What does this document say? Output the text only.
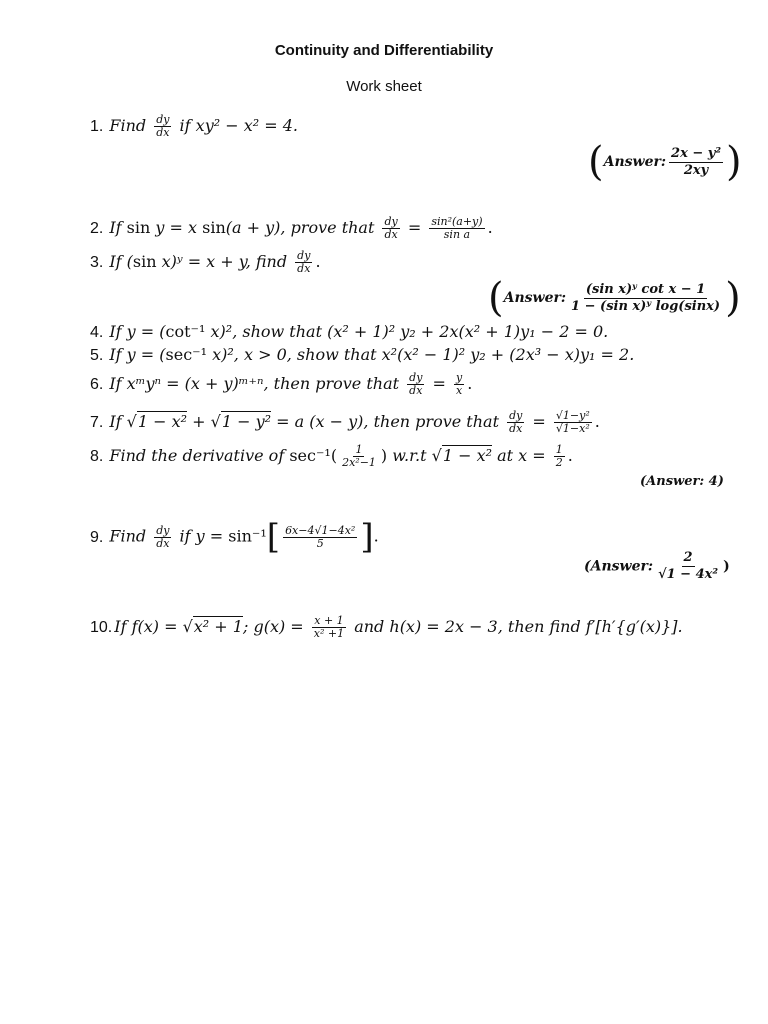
Continuity and Differentiability
Work sheet
1. Find $\frac{dy}{dx}$ if xy² − x² = 4.
(Answer: $\frac{\text{2x − y²}}{2xy}$ )
2. If sin y = x sin(a + y), prove that $\frac{dy}{dx} = \frac{\text{sin²(a+y)}}{\text{sin a}}$ .
3. If (sin x)ʸ = x + y, find $\frac{dy}{dx}$ .
(Answer: $\frac{\text{(sin x)ʸ cot x − 1}}{\text{1 − (sin x)ʸ log(sinx)}}$ )
4. If y = (cot⁻¹ x)², show that (x² + 1)² y₂ + 2x(x² + 1)y₁ − 2 = 0.
5. If y = (sec⁻¹ x)², x > 0, show that x²(x² − 1)² y₂ + (2x³ − x)y₁ = 2.
6. If xᵐyⁿ = (x + y)ᵐ⁺ⁿ, then prove that $\frac{dy}{dx} = \frac{y}{x}$ .
7. If √1 − x² + √1 − y² = a (x − y), then prove that $\frac{dy}{dx} = \frac{\text{√1−y²}}{\text{√1−x²}}$ .
8. Find the derivative of $\sec^{-1}( \frac{1}{\text{2x²−1}}$ ) w.r.t √1 − x² at $x = \frac{1}{2}$ .
(Answer: 4)
9. Find $\frac{dy}{dx}$ if $y = \sin^{-1}[ \frac{\text{6x−4√1−4x²}}{5}$ ].
(Answer: $\frac{2}{\text{√1 − 4x²}}$ )
10. If f(x) = √x² + 1; $g(x) = \frac{x + 1}{\text{x² +1}}$ and h(x) = 2x − 3, then find f′[h′{g′(x)}].
